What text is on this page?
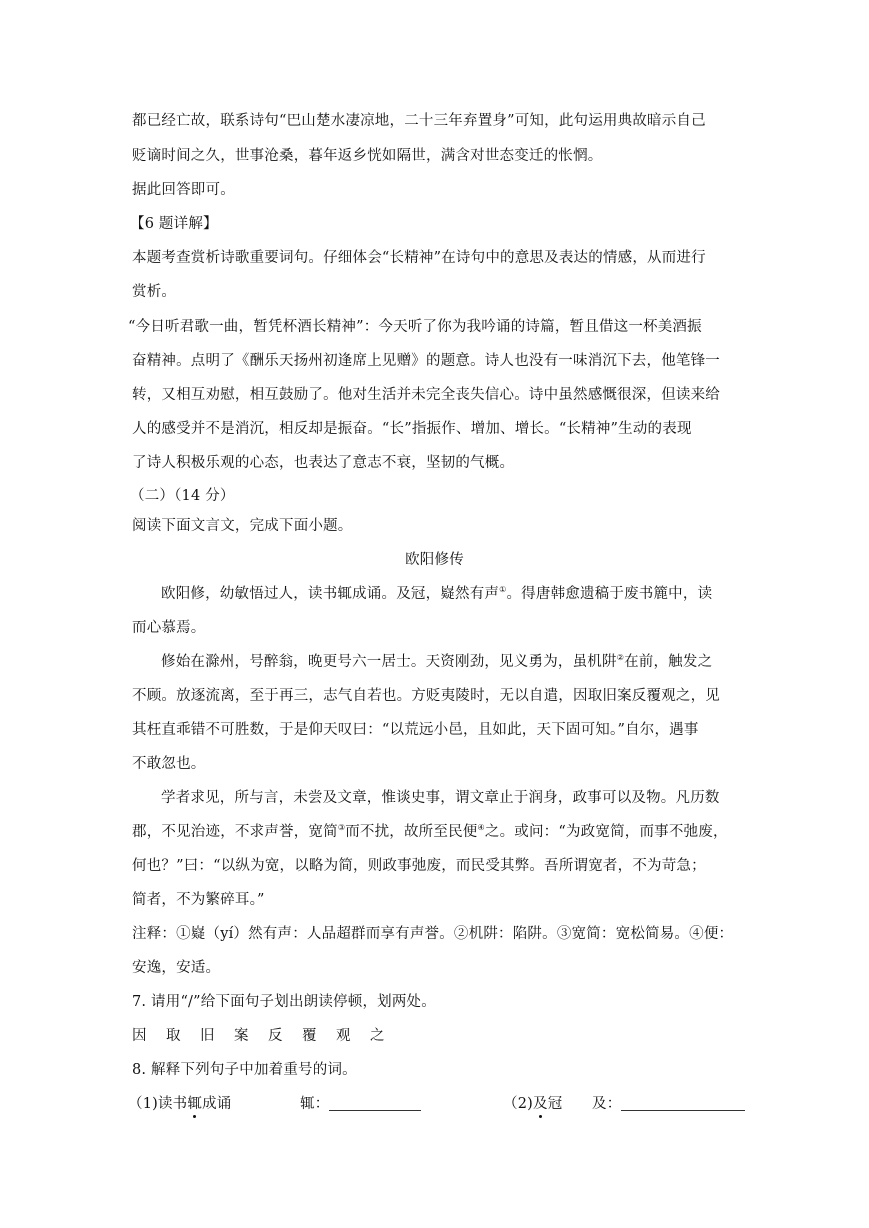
都已经亡故，联系诗句“巴山楚水凄凉地，二十三年弃置身”可知，此句运用典故暗示自己
贬谪时间之久，世事沧桑，暮年返乡恍如隔世，满含对世态变迁的怅惘。
据此回答即可。
【6 题详解】
本题考查赏析诗歌重要词句。仔细体会“长精神”在诗句中的意思及表达的情感，从而进行
赏析。
“今日听君歌一曲，暂凭杯酒长精神”：今天听了你为我吟诵的诗篇，暂且借这一杯美酒振
奋精神。点明了《酬乐天扬州初逢席上见赠》的题意。诗人也没有一味消沉下去，他笔锋一
转，又相互劝慰，相互鼓励了。他对生活并未完全丧失信心。诗中虽然感慨很深，但读来给
人的感受并不是消沉，相反却是振奋。“长”指振作、增加、增长。“长精神”生动的表现
了诗人积极乐观的心态，也表达了意志不衰，坚韧的气概。
（二）（14 分）
阅读下面文言文，完成下面小题。
欧阳修传
欧阳修，幼敏悟过人，读书辄成诵。及冠，嶷然有声①。得唐韩愈遗稿于废书簏中，读
而心慕焉。
修始在滁州，号醉翁，晚更号六一居士。天资刚劲，见义勇为，虽机阱②在前，触发之
不顾。放逐流离，至于再三，志气自若也。方贬夷陵时，无以自遣，因取旧案反覆观之，见
其枉直乖错不可胜数，于是仰天叹曰：“以荒远小邑，且如此，天下固可知。”自尔，遇事
不敢忽也。
学者求见，所与言，未尝及文章，惟谈史事，谓文章止于润身，政事可以及物。凡历数
郡，不见治迹，不求声誉，宽简③而不扰，故所至民便④之。或问：“为政宽简，而事不弛废，
何也？”曰：“以纵为宽，以略为简，则政事弛废，而民受其弊。吾所谓宽者，不为苛急；
简者，不为繁碎耳。”
注释：①嶷（yí）然有声：人品超群而享有声誉。②机阱：陷阱。③宽简：宽松简易。④便：
安逸，安适。
7. 请用“/”给下面句子划出朗读停顿，划两处。
因 取 旧 案 反 覆 观 之
8. 解释下列句子中加着重号的词。
（1)读书辄成诵	辄：	（2)及冠 及：
